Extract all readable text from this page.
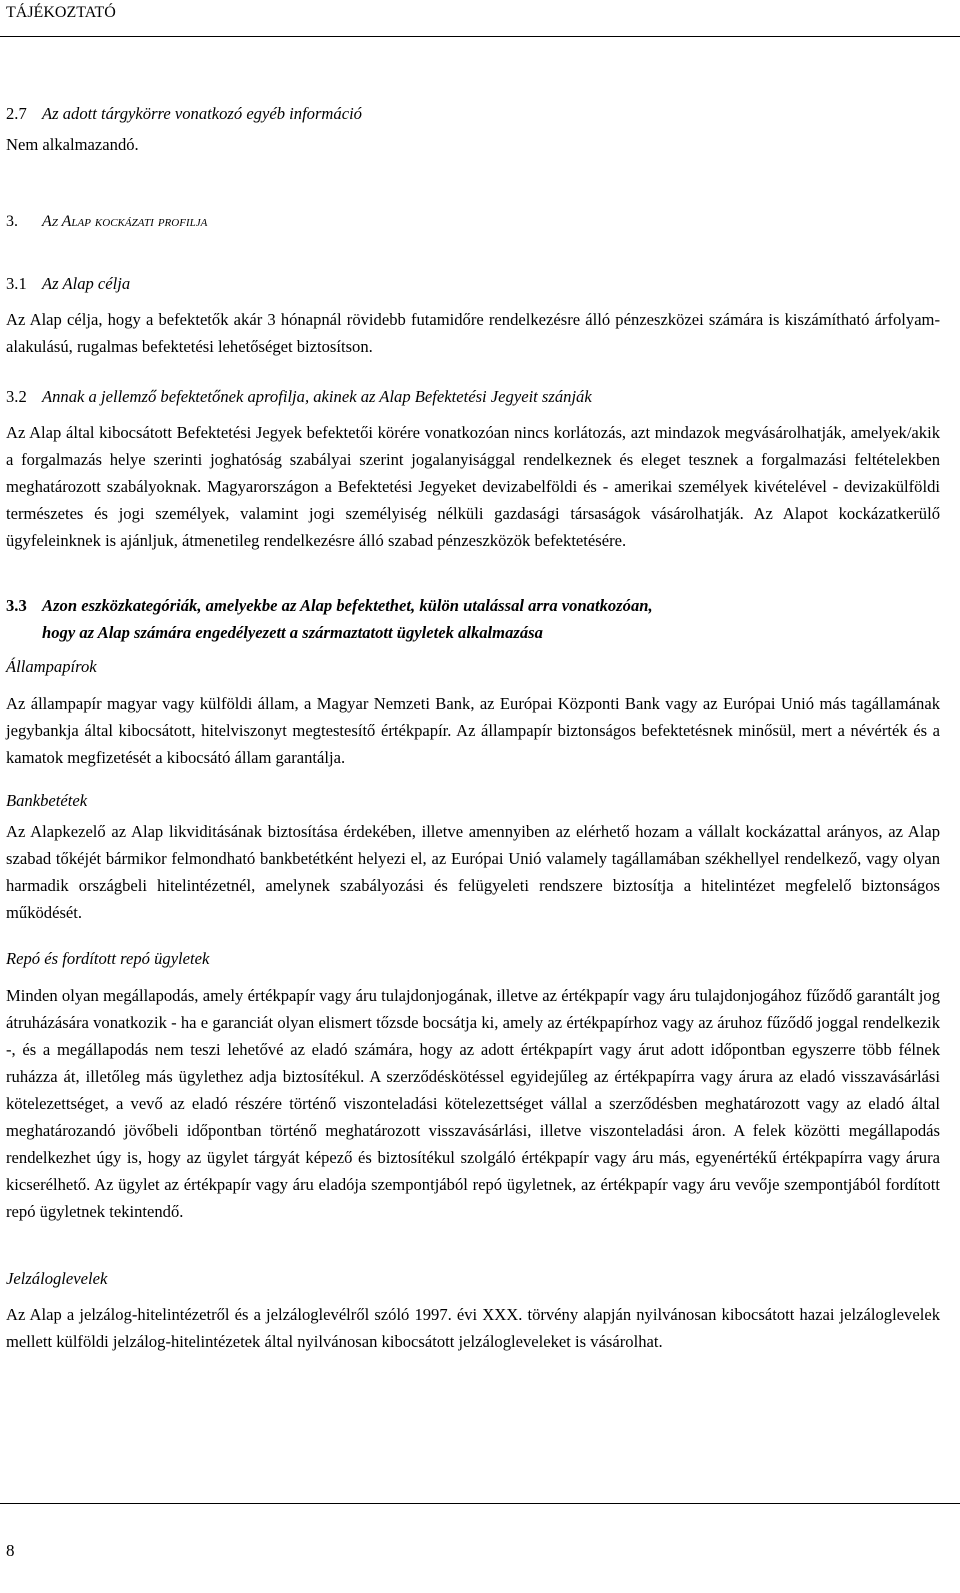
TÁJÉKOZTATÓ
2.7 Az adott tárgykörre vonatkozó egyéb információ
Nem alkalmazandó.
3. Az Alap kockázati profilja
3.1 Az Alap célja

Az Alap célja, hogy a befektetők akár 3 hónapnál rövidebb futamidőre rendelkezésre álló pénzeszközei számára is kiszámítható árfolyam-alakulású, rugalmas befektetési lehetőséget biztosítson.

3.2 Annak a jellemző befektetőnek aprofilja, akinek az Alap Befektetési Jegyeit szánják

Az Alap által kibocsátott Befektetési Jegyek befektetői körére vonatkozóan nincs korlátozás, azt mindazok megvásárolhatják, amelyek/akik a forgalmazás helye szerinti joghatóság szabályai szerint jogalanyisággal rendelkeznek és eleget tesznek a forgalmazási feltételekben meghatározott szabályoknak. Magyarországon a Befektetési Jegyeket devizabelföldi és - amerikai személyek kivételével - devizakülföldi természetes és jogi személyek, valamint jogi személyiség nélküli gazdasági társaságok vásárolhatják. Az Alapot kockázatkerülő ügyfeleinknek is ajánljuk, átmenetileg rendelkezésre álló szabad pénzeszközök befektetésére.

3.3 Azon eszközkategóriák, amelyekbe az Alap befektethet, külön utalással arra vonatkozóan,
hogy az Alap számára engedélyezett a származtatott ügyletek alkalmazása
Állampapírok

Az állampapír magyar vagy külföldi állam, a Magyar Nemzeti Bank, az Európai Központi Bank vagy az Európai Unió más tagállamának jegybankja által kibocsátott, hitelviszonyt megtestesítő értékpapír. Az állampapír biztonságos befektetésnek minősül, mert a névérték és a kamatok megfizetését a kibocsátó állam garantálja.

Bankbetétek

Az Alapkezelő az Alap likviditásának biztosítása érdekében, illetve amennyiben az elérhető hozam a vállalt kockázattal arányos, az Alap szabad tőkéjét bármikor felmondható bankbetétként helyezi el, az Európai Unió valamely tagállamában székhellyel rendelkező, vagy olyan harmadik országbeli hitelintézetnél, amelynek szabályozási és felügyeleti rendszere biztosítja a hitelintézet megfelelő biztonságos működését.

Repó és fordított repó ügyletek

Minden olyan megállapodás, amely értékpapír vagy áru tulajdonjogának, illetve az értékpapír vagy áru tulajdonjogához fűződő garantált jog átruházására vonatkozik - ha e garanciát olyan elismert tőzsde bocsátja ki, amely az értékpapírhoz vagy az áruhoz fűződő joggal rendelkezik -, és a megállapodás nem teszi lehetővé az eladó számára, hogy az adott értékpapírt vagy árut adott időpontban egyszerre több félnek ruházza át, illetőleg más ügylethez adja biztosítékul. A szerződéskötéssel egyidejűleg az értékpapírra vagy árura az eladó visszavásárlási kötelezettséget, a vevő az eladó részére történő viszonteladási kötelezettséget vállal a szerződésben meghatározott vagy az eladó által meghatározandó jövőbeli időpontban történő meghatározott visszavásárlási, illetve viszonteladási áron. A felek közötti megállapodás rendelkezhet úgy is, hogy az ügylet tárgyát képező és biztosítékul szolgáló értékpapír vagy áru más, egyenértékű értékpapírra vagy árura kicserélhető. Az ügylet az értékpapír vagy áru eladója szempontjából repó ügyletnek, az értékpapír vagy áru vevője szempontjából fordított repó ügyletnek tekintendő.

Jelzáloglevelek

Az Alap a jelzálog-hitelintézetről és a jelzáloglevélről szóló 1997. évi XXX. törvény alapján nyilvánosan kibocsátott hazai jelzáloglevelek mellett külföldi jelzálog-hitelintézetek által nyilvánosan kibocsátott jelzálogleveleket is vásárolhat.

8
